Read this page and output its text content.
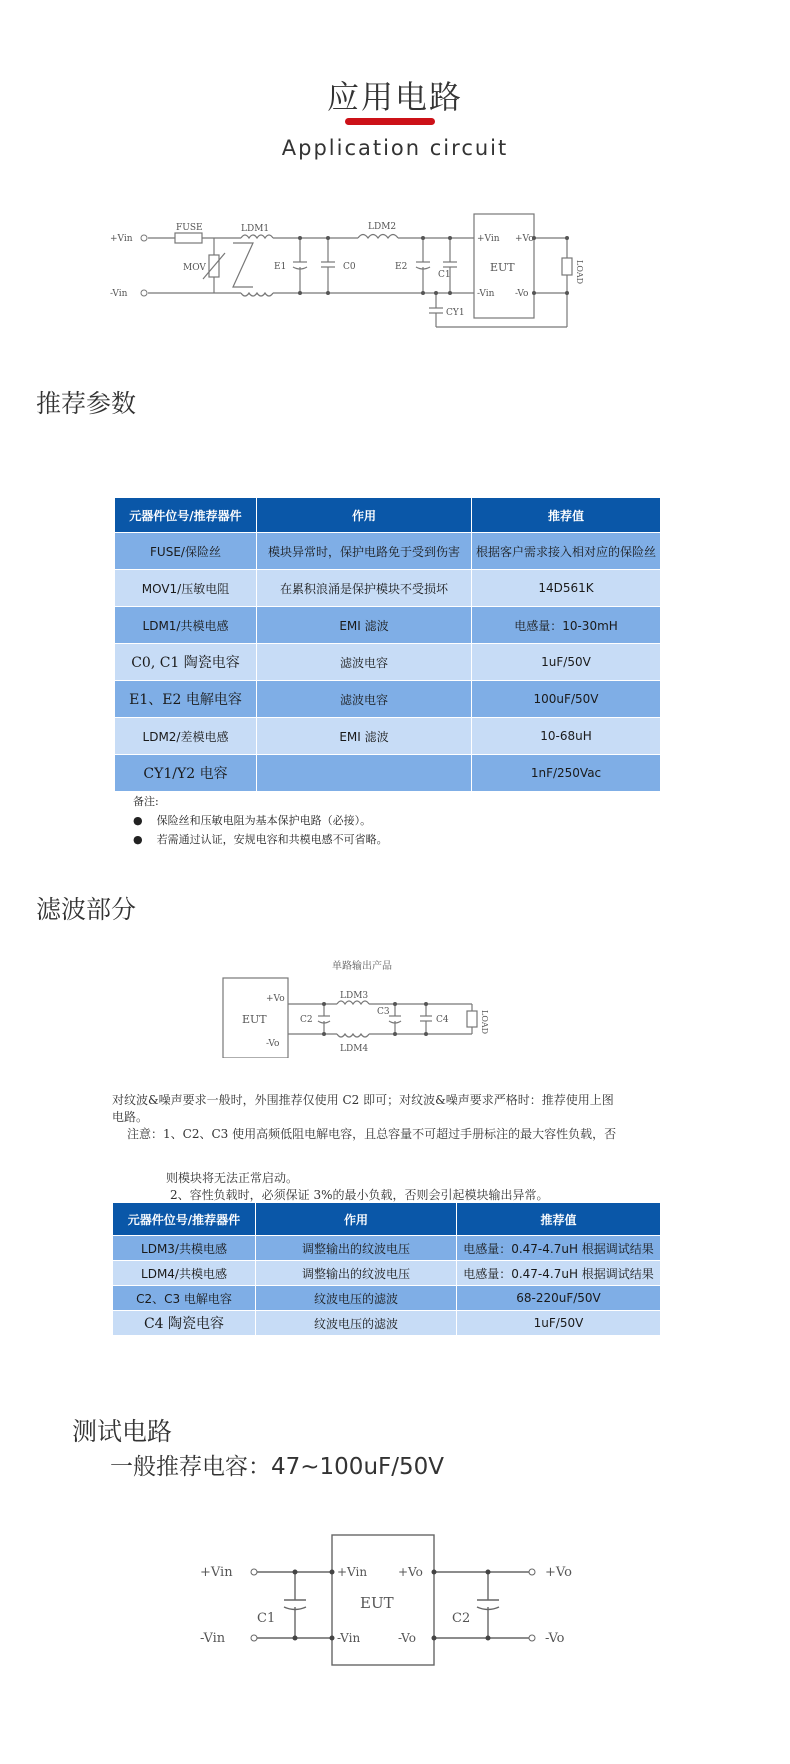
应用电路
Application circuit
+Vin
-Vin
FUSE
MOV
LDM1
E1	C0
LDM2
E2
C1
+Vin +Vo
EUT
-Vin -Vo
LOAD
CY1
推荐参数
元器件位号/推荐器件	作用	推荐值
FUSE/保险丝	模块异常时，保护电路免于受到伤害	根据客户需求接入相对应的保险丝
MOV1/压敏电阻	在累积浪涌是保护模块不受损坏	14D561K
LDM1/共模电感	EMI 滤波	电感量：10-30mH
C0, C1 陶瓷电容	滤波电容	1uF/50V
E1、E2 电解电容	滤波电容	100uF/50V
LDM2/差模电感	EMI 滤波	10-68uH
CY1/Y2 电容		1nF/250Vac
备注:
●    保险丝和压敏电阻为基本保护电路（必接）。
●    若需通过认证，安规电容和共模电感不可省略。
滤波部分
单路输出产品
EUT
+Vo
-Vo
LDM3
LDM4
C2
C3
C4	LOAD
对纹波&噪声要求一般时，外围推荐仅使用 C2 即可；对纹波&噪声要求严格时：推荐使用上图
电路。
注意：1、C2、C3 使用高频低阻电解电容，且总容量不可超过手册标注的最大容性负载，否
则模块将无法正常启动。
2、容性负载时，必须保证 3%的最小负载，否则会引起模块输出异常。
元器件位号/推荐器件	作用	推荐值
LDM3/共模电感	调整输出的纹波电压	电感量：0.47-4.7uH 根据调试结果
LDM4/共模电感	调整输出的纹波电压	电感量：0.47-4.7uH 根据调试结果
C2、C3 电解电容	纹波电压的滤波	68-220uF/50V
C4 陶瓷电容	纹波电压的滤波	1uF/50V
测试电路
一般推荐电容：47~100uF/50V
+Vin
-Vin
C1	C2
+Vin	+Vo
EUT
-Vin	-Vo
+Vo
-Vo
